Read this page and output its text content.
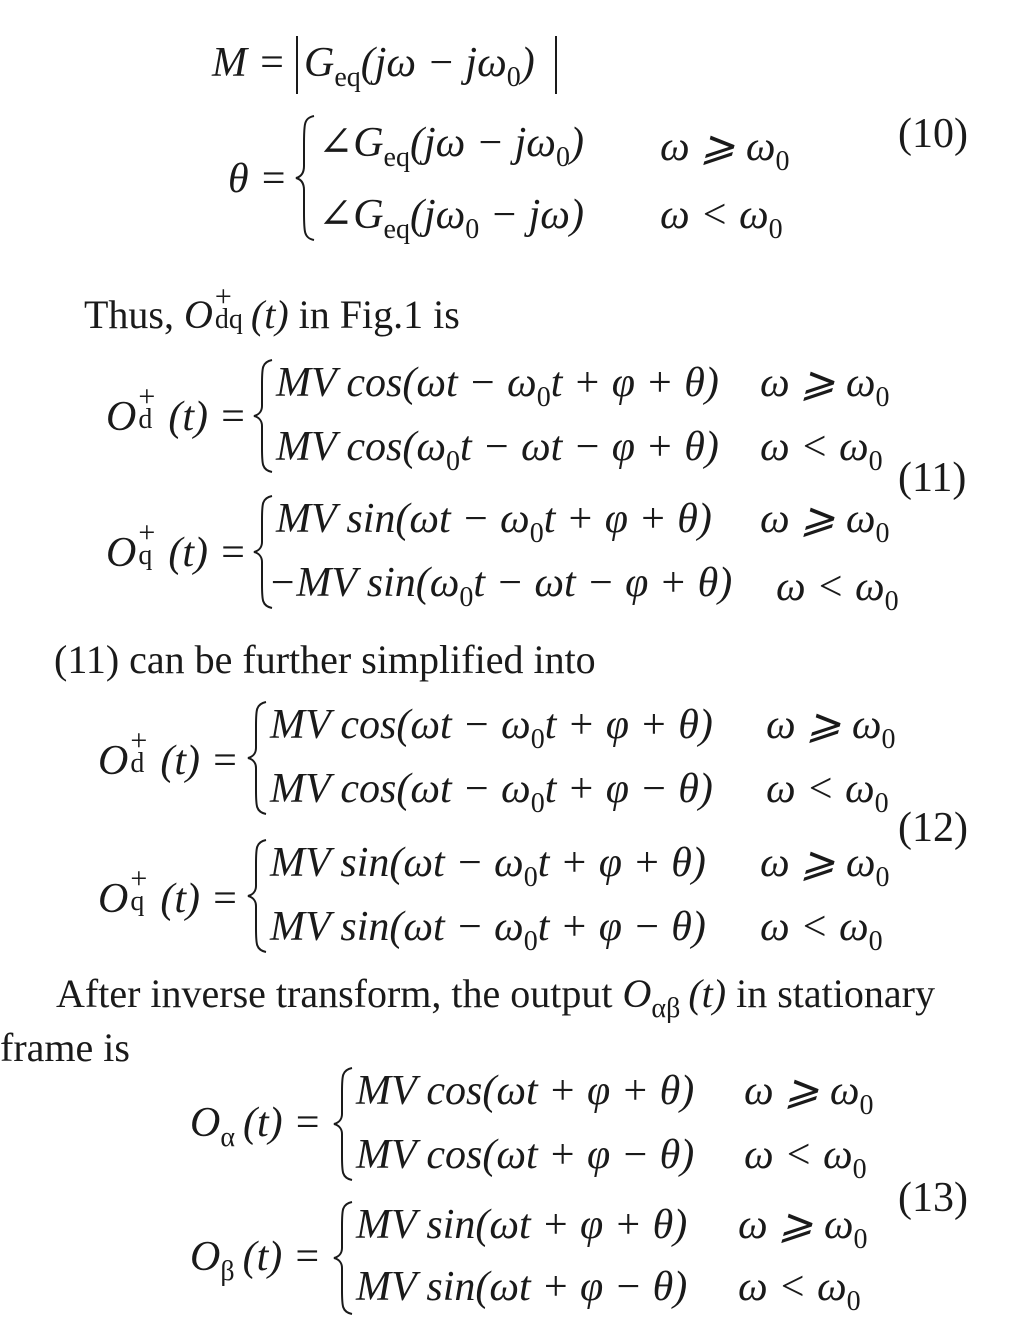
$M = G_{eq}(j\omega - j\omega_0)$
θ =
$\angle G_{eq}(j\omega - j\omega_0)$ ω ⩾ $\omega_0$
$\angle G_{eq}(j\omega_0 - j\omega) \omega < \omega_0$
(10)
Thus, O +
dq (t) in Fig.1 is
O +
d (t) =
MV $\cos(\omega t - \omega_0t + \varphi + \theta)$ ω ⩾ $\omega_0$
MV $\cos(\omega_0t - \omega t - \varphi + \theta) \omega < \omega_0$
O +
q (t) =
MV $\sin(\omega t - \omega_0t + \varphi + \theta)$ ω ⩾ $\omega_0$
−MV $\sin(\omega_0t - \omega t - \varphi + \theta) \omega < \omega_0$
(11)
(11) can be further simplified into
O +
d (t) =
MV $\cos(\omega t - \omega_0t + \varphi + \theta)$ ω ⩾ $\omega_0$
MV $\cos(\omega t - \omega_0t + \varphi - \theta)$ $\omega < \omega_0$
O +
q (t) =
MV $\sin(\omega t - \omega_0t + \varphi + \theta)$ ω ⩾ $\omega_0$
MV $\sin(\omega t - \omega_0t + \varphi - \theta)$ $\omega < \omega_0$
(12)
After inverse transform, the output $O_{\alpha\beta}$ (t) in stationary
frame is
$O_\alpha$ (t) =
MV cos(ωt + φ + θ) ω ⩾ $\omega_0$
MV cos(ωt + φ − θ) $\omega < \omega_0$
$O_\beta$ (t) =
MV sin(ωt + φ + θ) ω ⩾ $\omega_0$
MV sin(ωt + φ − θ) $\omega < \omega_0$
(13)
